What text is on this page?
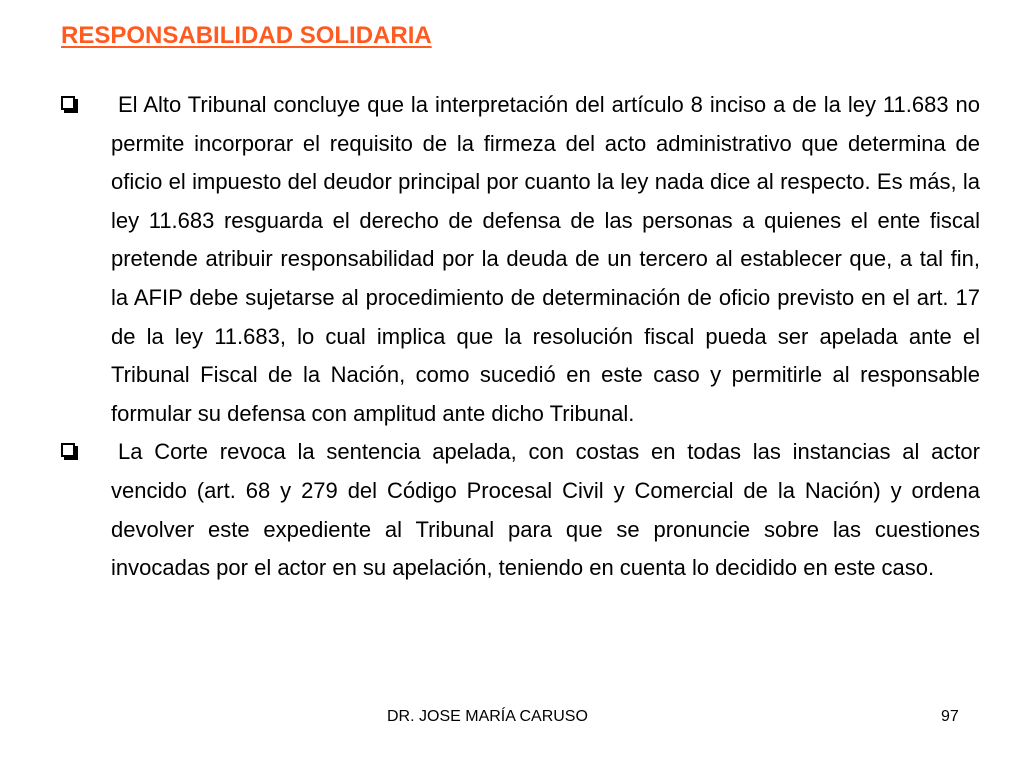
RESPONSABILIDAD SOLIDARIA

El Alto Tribunal concluye que la interpretación del artículo 8 inciso a de la ley 11.683 no permite incorporar el requisito de la firmeza del acto administrativo que determina de oficio el impuesto del deudor principal por cuanto la ley nada dice al respecto. Es más, la ley 11.683 resguarda el derecho de defensa de las personas a quienes el ente fiscal pretende atribuir responsabilidad por la deuda de un tercero al establecer que, a tal fin, la AFIP debe sujetarse al procedimiento de determinación de oficio previsto en el art. 17 de la ley 11.683, lo cual implica que la resolución fiscal pueda ser apelada ante el Tribunal Fiscal de la Nación, como sucedió en este caso y permitirle al responsable formular su defensa con amplitud ante dicho Tribunal.

La Corte revoca la sentencia apelada, con costas en todas las instancias al actor vencido (art. 68 y 279 del Código Procesal Civil y Comercial de la Nación) y ordena devolver este expediente al Tribunal para que se pronuncie sobre las cuestiones invocadas por el actor en su apelación, teniendo en cuenta lo decidido en este caso.

DR. JOSE MARÍA CARUSO	97
